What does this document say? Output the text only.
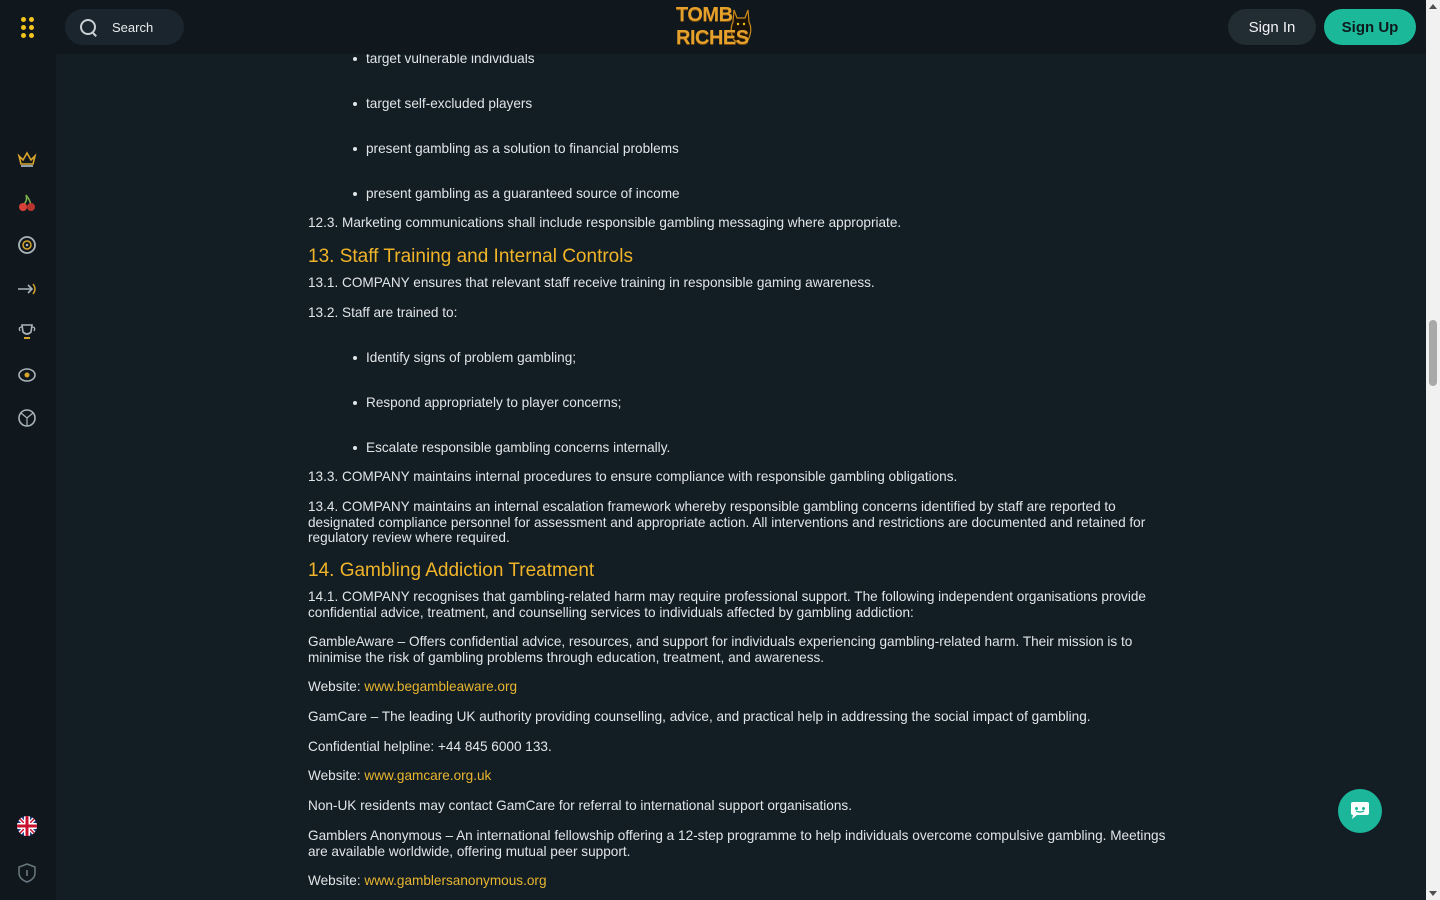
Search
TOMB RICHES	Sign In	Sign Up
target vulnerable individuals
target self-excluded players
present gambling as a solution to financial problems
present gambling as a guaranteed source of income
12.3. Marketing communications shall include responsible gambling messaging where appropriate.
13. Staff Training and Internal Controls
13.1. COMPANY ensures that relevant staff receive training in responsible gaming awareness.
13.2. Staff are trained to:
Identify signs of problem gambling;
Respond appropriately to player concerns;
Escalate responsible gambling concerns internally.
13.3. COMPANY maintains internal procedures to ensure compliance with responsible gambling obligations.
13.4. COMPANY maintains an internal escalation framework whereby responsible gambling concerns identified by staff are reported to designated compliance personnel for assessment and appropriate action. All interventions and restrictions are documented and retained for regulatory review where required.
14. Gambling Addiction Treatment
14.1. COMPANY recognises that gambling-related harm may require professional support. The following independent organisations provide confidential advice, treatment, and counselling services to individuals affected by gambling addiction:
GambleAware – Offers confidential advice, resources, and support for individuals experiencing gambling-related harm. Their mission is to minimise the risk of gambling problems through education, treatment, and awareness.
Website: www.begambleaware.org
GamCare – The leading UK authority providing counselling, advice, and practical help in addressing the social impact of gambling.
Confidential helpline: +44 845 6000 133.
Website: www.gamcare.org.uk
Non-UK residents may contact GamCare for referral to international support organisations.
Gamblers Anonymous – An international fellowship offering a 12-step programme to help individuals overcome compulsive gambling. Meetings are available worldwide, offering mutual peer support.
Website: www.gamblersanonymous.org
